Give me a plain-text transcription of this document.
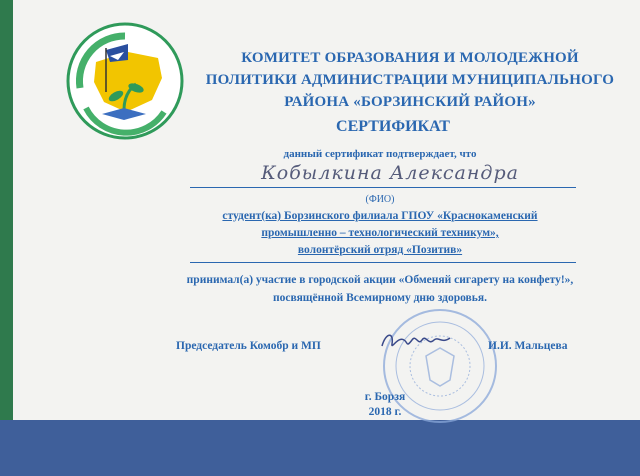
КОМИТЕТ ОБРАЗОВАНИЯ И МОЛОДЕЖНОЙ
ПОЛИТИКИ АДМИНИСТРАЦИИ МУНИЦИПАЛЬНОГО
РАЙОНА «БОРЗИНСКИЙ РАЙОН»
СЕРТИФИКАТ
данный сертификат подтверждает, что
Кобылкина Александра
(ФИО)
студент(ка) Борзинского филиала ГПОУ «Краснокаменский
промышленно – технологический техникум»,
волонтёрский отряд «Позитив»
принимал(а) участие в городской акции «Обменяй сигарету на конфету!»,
посвящённой Всемирному дню здоровья.
Председатель Комобр и МП	И.И. Мальцева
г. Борзя
2018 г.
